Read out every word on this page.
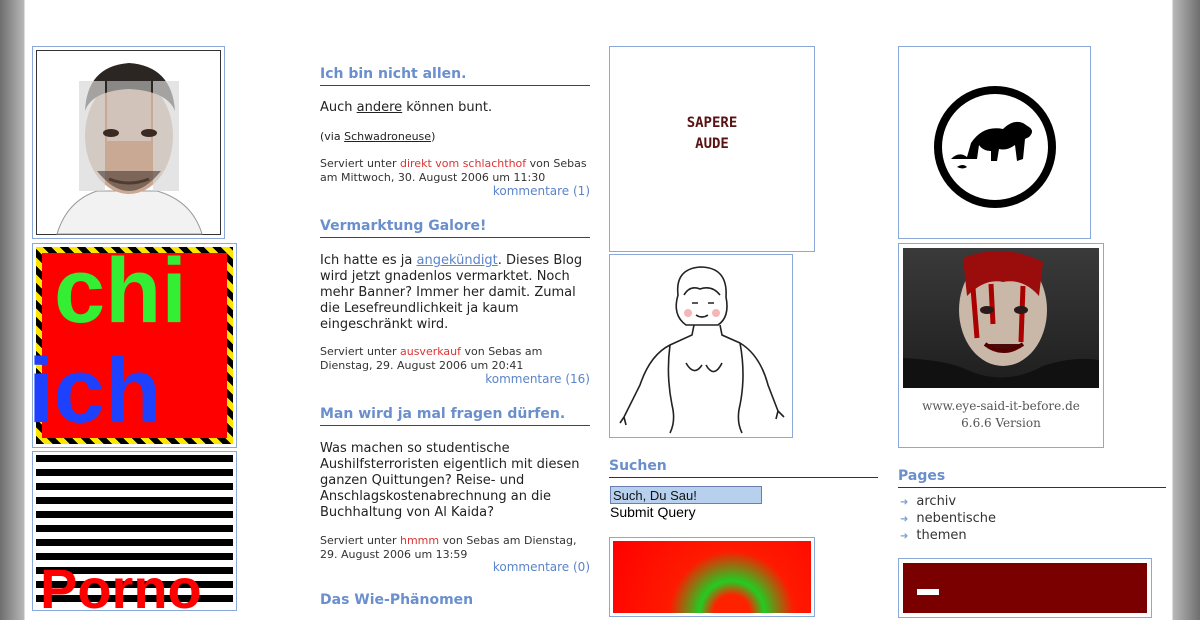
chi
ich
Porno
Ich bin nicht allen.
Auch andere können bunt.
(via Schwadroneuse)
Serviert unter direkt vom schlachthof von Sebas am Mittwoch, 30. August 2006 um 11:30
kommentare (1)
Vermarktung Galore!
Ich hatte es ja angekündigt. Dieses Blog wird jetzt gnadenlos vermarktet. Noch mehr Banner? Immer her damit. Zumal die Lesefreundlichkeit ja kaum eingeschränkt wird.
Serviert unter ausverkauf von Sebas am Dienstag, 29. August 2006 um 20:41
kommentare (16)
Man wird ja mal fragen dürfen.
Was machen so studentische Aushilfsterroristen eigentlich mit diesen ganzen Quittungen? Reise- und Anschlagskostenabrechnung an die Buchhaltung von Al Kaida?
Serviert unter hmmm von Sebas am Dienstag, 29. August 2006 um 13:59
kommentare (0)
Das Wie-Phänomen
SAPERE
AUDE
Suchen
Such, Du Sau!
Submit Query
www.eye-said-it-before.de
6.6.6 Version
Pages
➜ archiv
➜ nebentische
➜ themen
